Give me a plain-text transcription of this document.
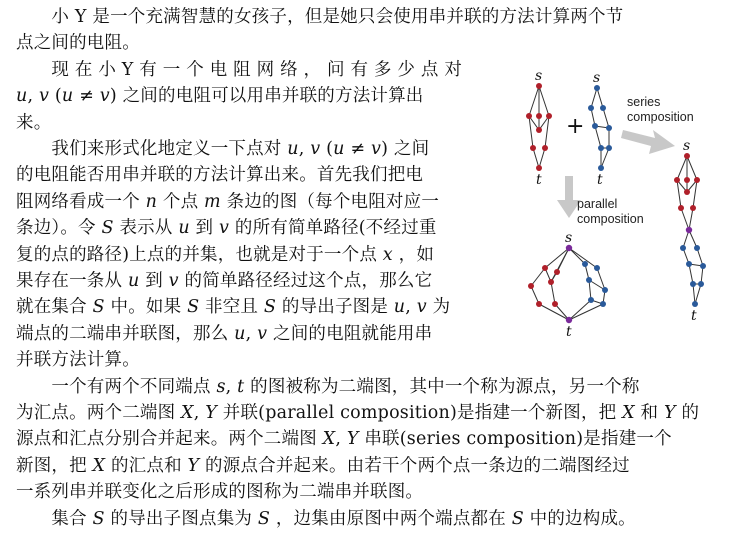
　　小 Y 是一个充满智慧的女孩子，但是她只会使用串并联的方法计算两个节
点之间的电阻。
　　现 在 小 Y 有 一 个 电 阻 网 络 ， 问 有 多 少 点 对
𝑢, 𝑣 (𝑢 ≠ 𝑣) 之间的电阻可以用串并联的方法计算出
来。
　　我们来形式化地定义一下点对 𝑢, 𝑣 (𝑢 ≠ 𝑣) 之间
的电阻能否用串并联的方法计算出来。首先我们把电
阻网络看成一个 𝑛 个点 𝑚 条边的图（每个电阻对应一
条边）。令 𝑆 表示从 𝑢 到 𝑣 的所有简单路径(不经过重
复的点的路径)上点的并集，也就是对于一个点 𝑥 ，如
果存在一条从 𝑢 到 𝑣 的简单路径经过这个点，那么它
就在集合 𝑆 中。如果 𝑆 非空且 𝑆 的导出子图是 𝑢, 𝑣 为
端点的二端串并联图，那么 𝑢, 𝑣 之间的电阻就能用串
并联方法计算。
　　一个有两个不同端点 𝑠, 𝑡 的图被称为二端图，其中一个称为源点，另一个称
为汇点。两个二端图 𝑋, 𝑌 并联(parallel composition)是指建一个新图，把 𝑋 和 𝑌 的
源点和汇点分别合并起来。两个二端图 𝑋, 𝑌 串联(series composition)是指建一个
新图，把 𝑋 的汇点和 𝑌 的源点合并起来。由若干个两个点一条边的二端图经过
一系列串并联变化之后形成的图称为二端串并联图。
　　集合 𝑆 的导出子图点集为 𝑆 ，边集由原图中两个端点都在 𝑆 中的边构成。
s
t
+
s
t
series
composition
parallel
composition
s
t
s
t
